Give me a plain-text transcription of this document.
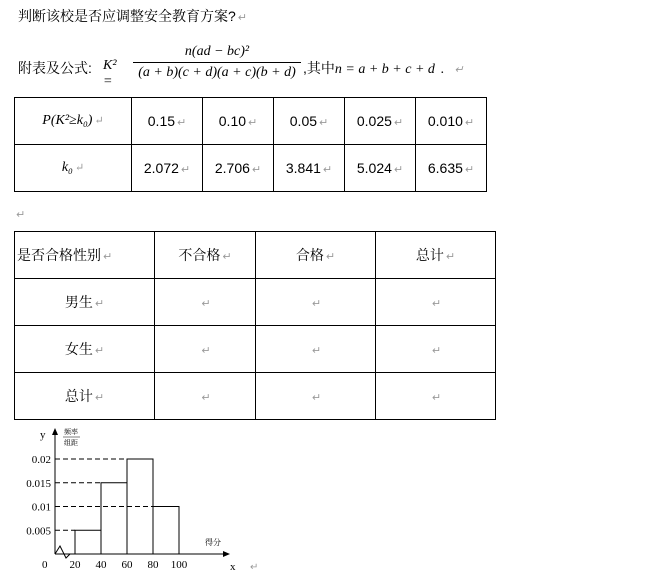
判断该校是否应调整安全教育方案? ↵
附表及公式: K² =
n(ad − bc)²
(a + b)(c + d)(a + c)(b + d) ,其中n = a + b + c + d . ↵
P(K²≥k₀) ↵	0.15 ↵	0.10 ↵	0.05 ↵	0.025 ↵	0.010 ↵
k₀ ↵	2.072 ↵	2.706 ↵	3.841 ↵	5.024 ↵	6.635 ↵
↵
是否合格性别 ↵	不合格 ↵	合格 ↵	总计 ↵
男生 ↵	↵	↵	↵
女生 ↵	↵	↵	↵
总计 ↵	↵	↵	↵
y	频率
组距
得分
x
0	↵
0.005
0.01
0.015
0.02
20 40 60 80 100
